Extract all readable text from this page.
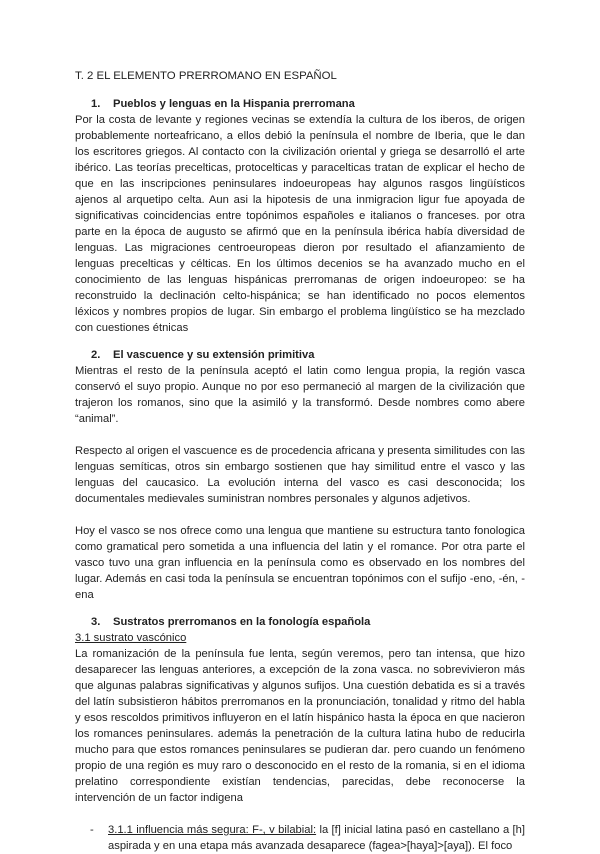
T. 2 EL ELEMENTO PRERROMANO EN ESPAÑOL
1. Pueblos y lenguas en la Hispania prerromana

Por la costa de levante y regiones vecinas se extendía la cultura de los iberos, de origen probablemente norteafricano, a ellos debió la península el nombre de Iberia, que le dan los escritores griegos. Al contacto con la civilización oriental y griega se desarrolló el arte ibérico. Las teorías precelticas, protocelticas y paracelticas tratan de explicar el hecho de que en las inscripciones peninsulares indoeuropeas hay algunos rasgos lingüísticos ajenos al arquetipo celta. Aun asi la hipotesis de una inmigracion ligur fue apoyada de significativas coincidencias entre topónimos españoles e italianos o franceses. por otra parte en la época de augusto se afirmó que en la península ibérica había diversidad de lenguas. Las migraciones centroeuropeas dieron por resultado el afianzamiento de lenguas precelticas y célticas. En los últimos decenios se ha avanzado mucho en el conocimiento de las lenguas hispánicas prerromanas de origen indoeuropeo: se ha reconstruido la declinación celto-hispánica; se han identificado no pocos elementos léxicos y nombres propios de lugar. Sin embargo el problema lingüístico se ha mezclado con cuestiones étnicas

2. El vascuence y su extensión primitiva

Mientras el resto de la península aceptó el latin como lengua propia, la región vasca conservó el suyo propio. Aunque no por eso permaneció al margen de la civilización que trajeron los romanos, sino que la asimiló y la transformó. Desde nombres como abere “animal”.

Respecto al origen el vascuence es de procedencia africana y presenta similitudes con las lenguas semíticas, otros sin embargo sostienen que hay similitud entre el vasco y las lenguas del caucasico. La evolución interna del vasco es casi desconocida; los documentales medievales suministran nombres personales y algunos adjetivos.

Hoy el vasco se nos ofrece como una lengua que mantiene su estructura tanto fonologica como gramatical pero sometida a una influencia del latin y el romance. Por otra parte el vasco tuvo una gran influencia en la península como es observado en los nombres del lugar. Además en casi toda la península se encuentran topónimos con el sufijo -eno, -én, -ena

3. Sustratos prerromanos en la fonología española
3.1 sustrato vascónico

La romanización de la península fue lenta, según veremos, pero tan intensa, que hizo desaparecer las lenguas anteriores, a excepción de la zona vasca. no sobrevivieron más que algunas palabras significativas y algunos sufijos. Una cuestión debatida es si a través del latín subsistieron hábitos prerromanos en la pronunciación, tonalidad y ritmo del habla y esos rescoldos primitivos influyeron en el latín hispánico hasta la época en que nacieron los romances peninsulares. además la penetración de la cultura latina hubo de reducirla mucho para que estos romances peninsulares se pudieran dar. pero cuando un fenómeno propio de una región es muy raro o desconocido en el resto de la romania, si en el idioma prelatino correspondiente existían tendencias, parecidas, debe reconocerse la intervención de un factor indigena

-	3.1.1 influencia más segura: F-, v bilabial: la [f] inicial latina pasó en castellano a [h] aspirada y en una etapa más avanzada desaparece (fagea>[haya]>[aya]). El foco
